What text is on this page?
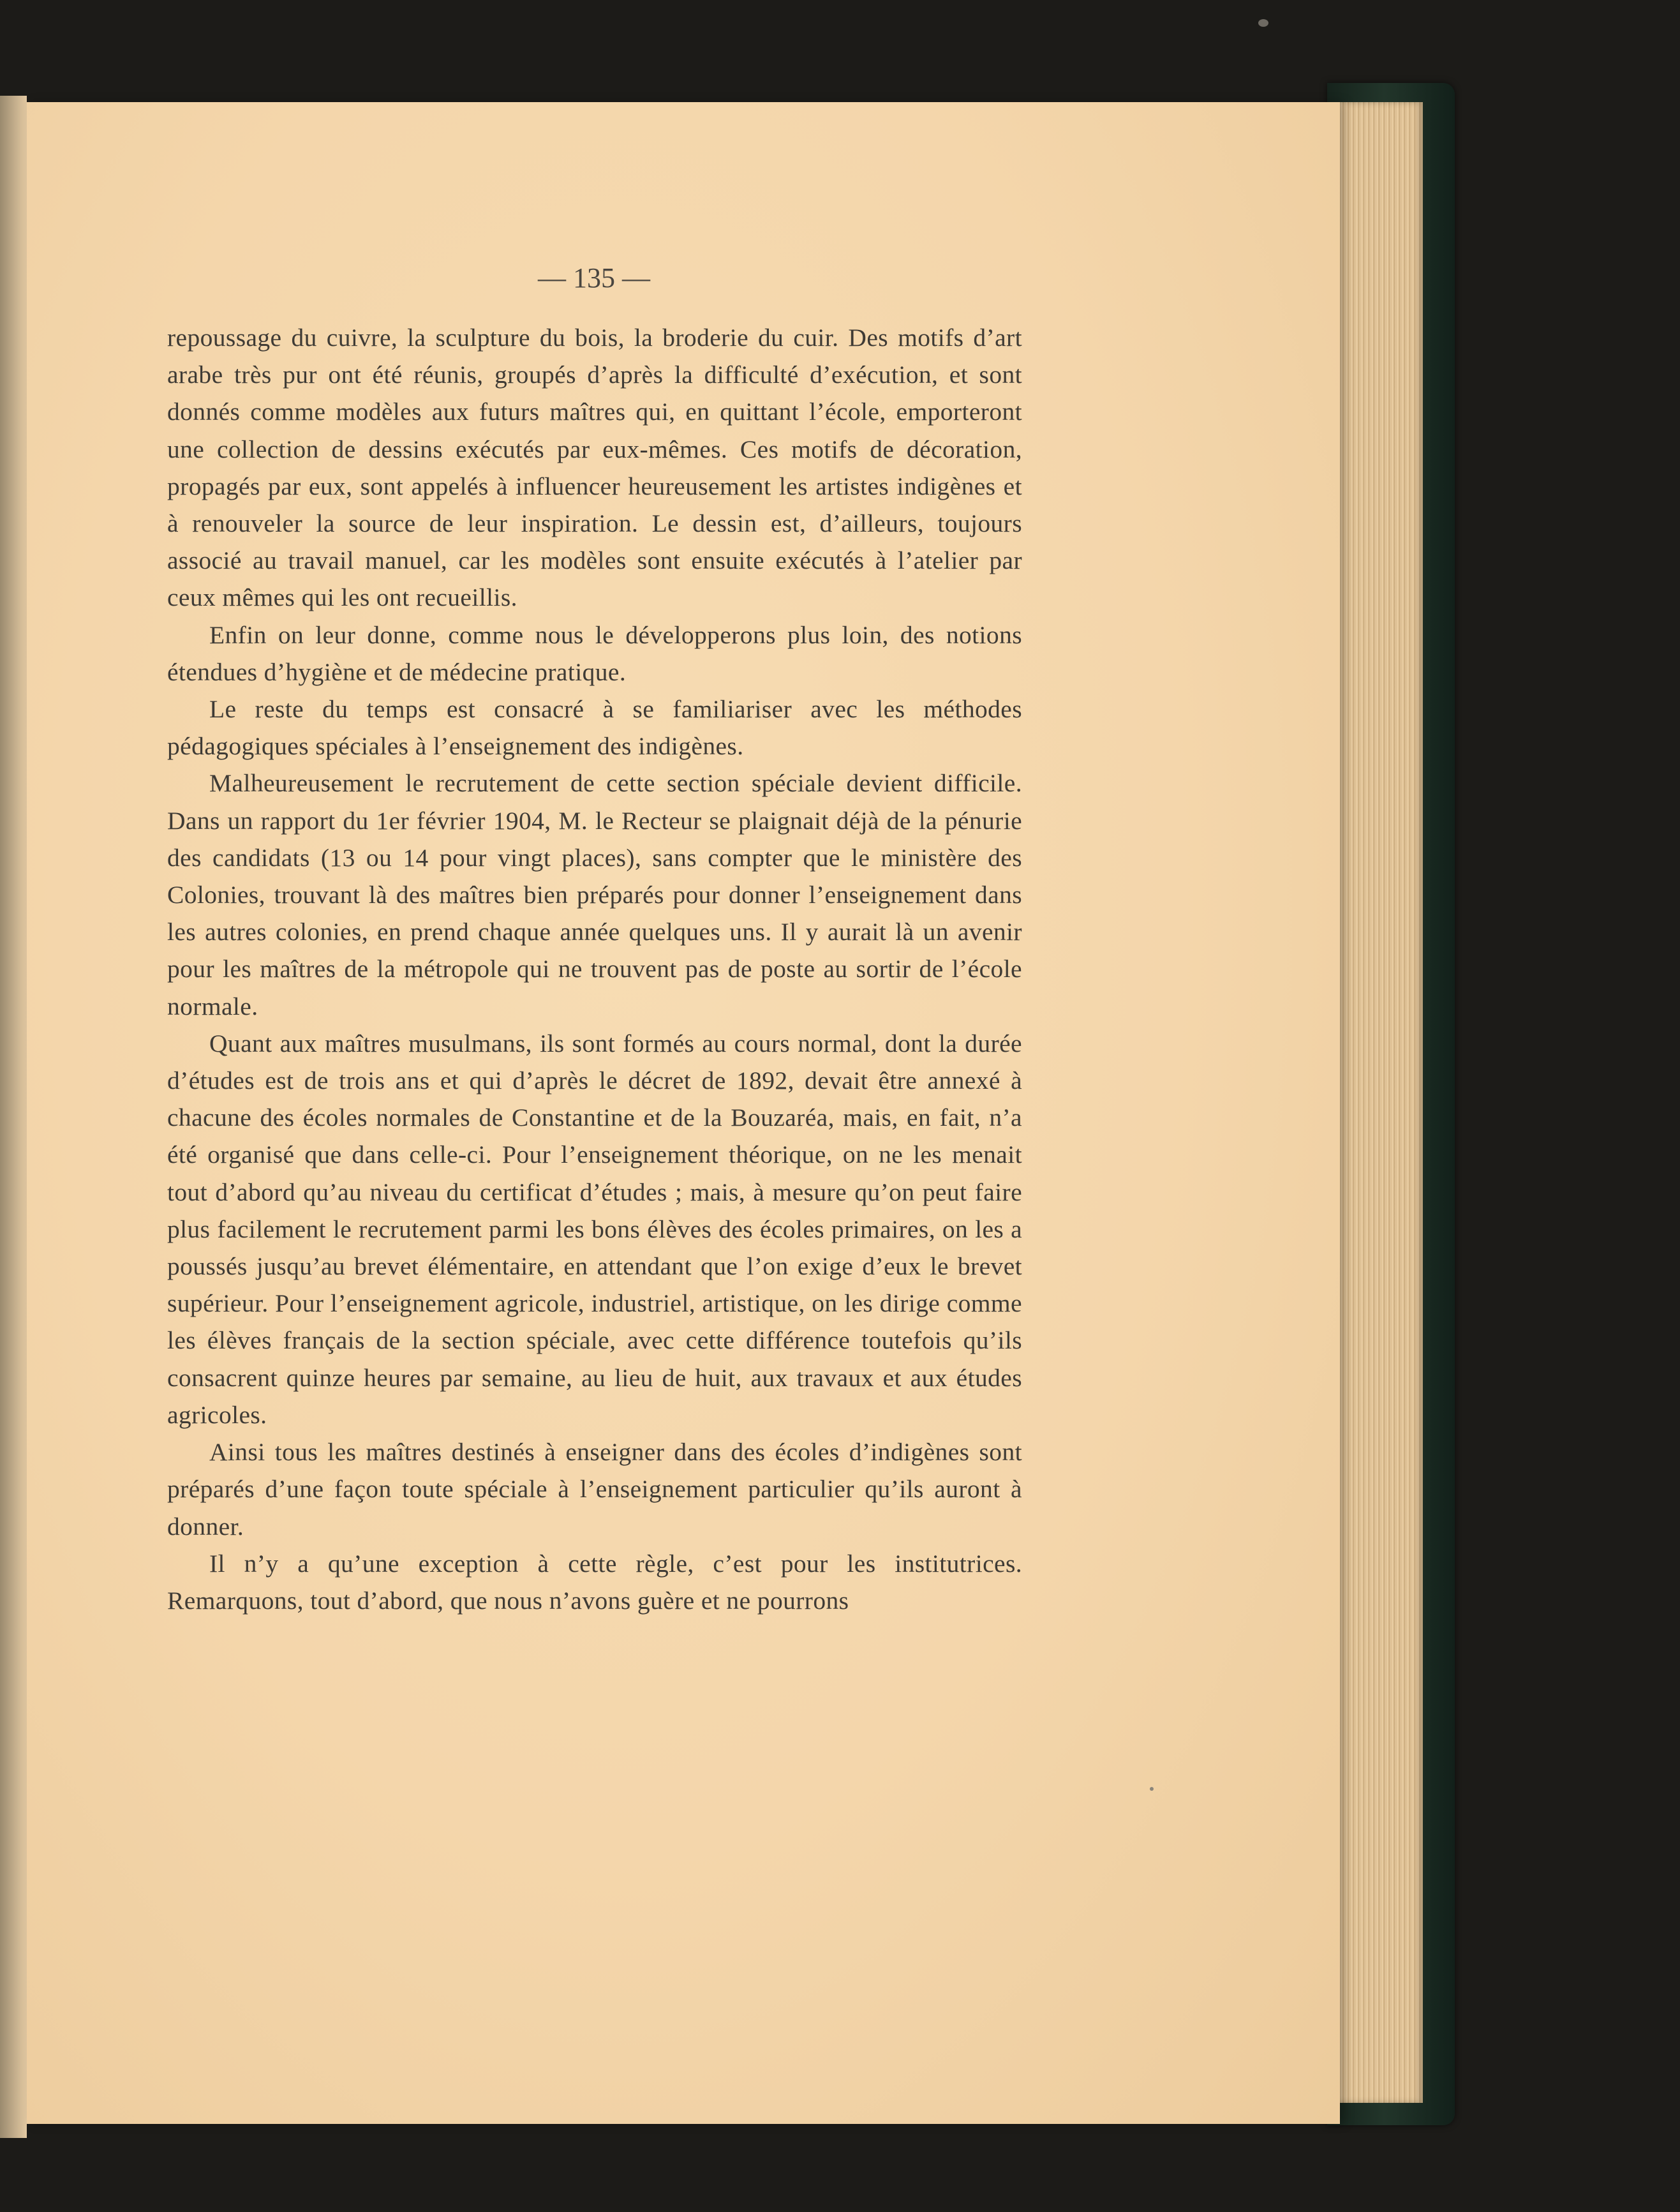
— 135 —

repoussage du cuivre, la sculpture du bois, la broderie du cuir. Des motifs d’art arabe très pur ont été réunis, groupés d’après la difficulté d’exécution, et sont donnés comme modèles aux futurs maîtres qui, en quittant l’école, emporteront une collection de dessins exécutés par eux-mêmes. Ces motifs de décoration, propagés par eux, sont appelés à influencer heureusement les artistes indigènes et à renouveler la source de leur inspiration. Le dessin est, d’ailleurs, toujours associé au travail manuel, car les modèles sont ensuite exécutés à l’atelier par ceux mêmes qui les ont recueillis.

Enfin on leur donne, comme nous le développerons plus loin, des notions étendues d’hygiène et de médecine pratique.

Le reste du temps est consacré à se familiariser avec les méthodes pédagogiques spéciales à l’enseignement des indigènes.

Malheureusement le recrutement de cette section spéciale devient difficile. Dans un rapport du 1er février 1904, M. le Recteur se plaignait déjà de la pénurie des candidats (13 ou 14 pour vingt places), sans compter que le ministère des Colonies, trouvant là des maîtres bien préparés pour donner l’enseignement dans les autres colonies, en prend chaque année quelques uns. Il y aurait là un avenir pour les maîtres de la métropole qui ne trouvent pas de poste au sortir de l’école normale.

Quant aux maîtres musulmans, ils sont formés au cours normal, dont la durée d’études est de trois ans et qui d’après le décret de 1892, devait être annexé à chacune des écoles normales de Constantine et de la Bouzaréa, mais, en fait, n’a été organisé que dans celle-ci. Pour l’enseignement théorique, on ne les menait tout d’abord qu’au niveau du certificat d’études ; mais, à mesure qu’on peut faire plus facilement le recrutement parmi les bons élèves des écoles primaires, on les a poussés jusqu’au brevet élémentaire, en attendant que l’on exige d’eux le brevet supérieur. Pour l’enseignement agricole, industriel, artistique, on les dirige comme les élèves français de la section spéciale, avec cette différence toutefois qu’ils consacrent quinze heures par semaine, au lieu de huit, aux travaux et aux études agricoles.

Ainsi tous les maîtres destinés à enseigner dans des écoles d’indigènes sont préparés d’une façon toute spéciale à l’enseignement particulier qu’ils auront à donner.

Il n’y a qu’une exception à cette règle, c’est pour les institutrices. Remarquons, tout d’abord, que nous n’avons guère et ne pourrons
